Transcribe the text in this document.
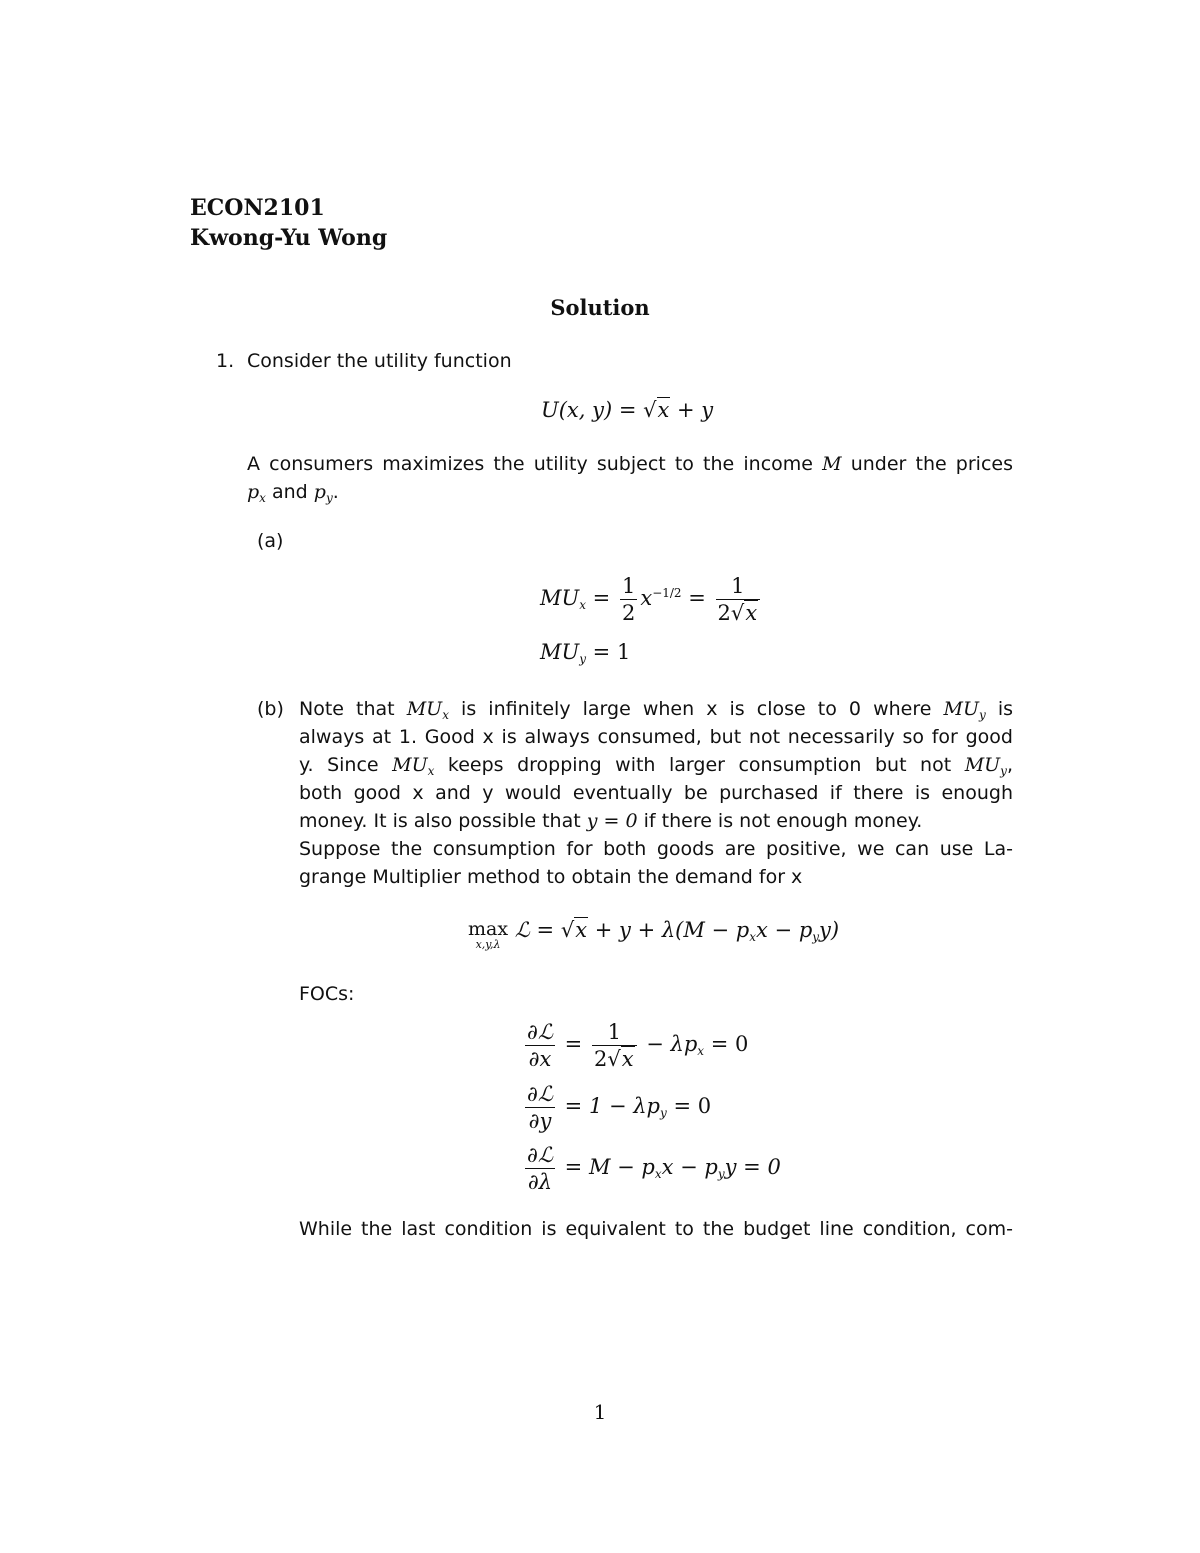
ECON2101
Kwong-Yu Wong
Solution
1. Consider the utility function
U(x, y) = √x + y
A consumers maximizes the utility subject to the income M under the prices
$p_x$ and $p_y$.
(a)
$MU_x = \frac{1}{2} x^{-1/2} = \frac{1}{2√x}$
$MU_y = 1$
(b) Note that $MU_x$ is infinitely large when x is close to 0 where $MU_y$ is
always at 1. Good x is always consumed, but not necessarily so for good
y. Since $MU_x$ keeps dropping with larger consumption but not $MU_y$,
both good x and y would eventually be purchased if there is enough
money. It is also possible that y = 0 if there is not enough money.
Suppose the consumption for both goods are positive, we can use La-
grange Multiplier method to obtain the demand for x
max
x,y,λ
ℒ = $√x + y + \lambda(M - p_xx - p_yy)$
FOCs:
$\frac{\text{∂ℒ}}{\partial x} = \frac{1}{2√x} - \lambda p_x = 0$
$\frac{\text{∂ℒ}}{\partial y} = 1 - \lambda p_y = 0$
$\frac{\text{∂ℒ}}{\partial\lambda} = M - p_xx - p_yy = 0$
While the last condition is equivalent to the budget line condition, com-
1
